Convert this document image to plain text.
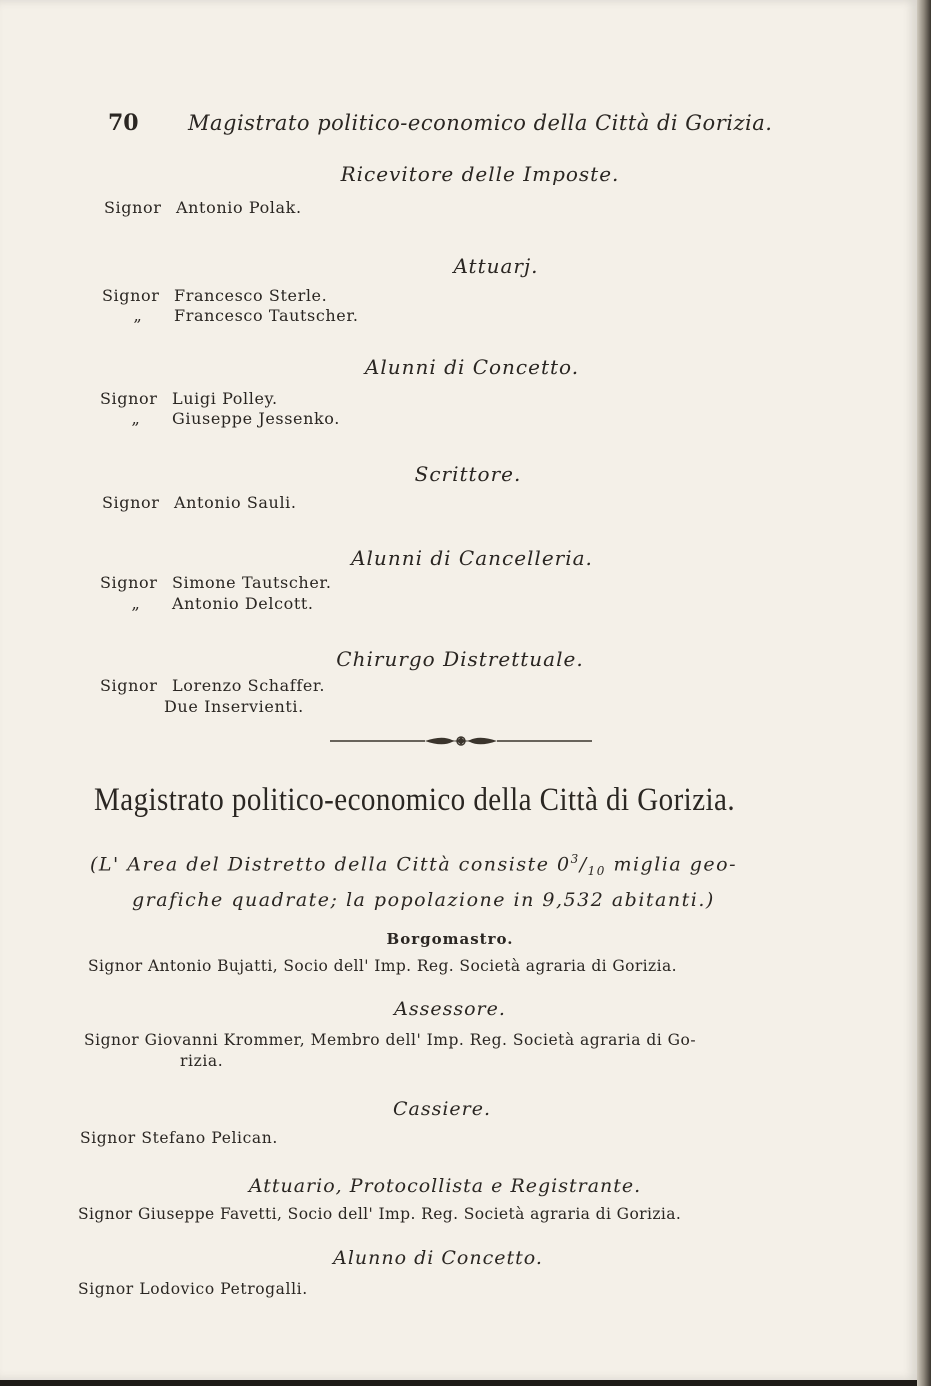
70 Magistrato politico-economico della Città di Gorizia.
Ricevitore delle Imposte.
Signor Antonio Polak.
Attuarj.
Signor Francesco Sterle.
„ Francesco Tautscher.
Alunni di Concetto.
Signor Luigi Polley.
„ Giuseppe Jessenko.
Scrittore.
Signor Antonio Sauli.
Alunni di Cancelleria.
Signor Simone Tautscher.
„ Antonio Delcott.
Chirurgo Distrettuale.
Signor Lorenzo Schaffer.
Due Inservienti.
Magistrato politico-economico della Città di Gorizia.
(L' Area del Distretto della Città consiste $0^3/_{10}$ miglia geo-
grafiche quadrate; la popolazione in 9,532 abitanti.)
Borgomastro.
Signor Antonio Bujatti, Socio dell' Imp. Reg. Società agraria di Gorizia.
Assessore.
Signor Giovanni Krommer, Membro dell' Imp. Reg. Società agraria di Go-
rizia.
Cassiere.
Signor Stefano Pelican.
Attuario, Protocollista e Registrante.
Signor Giuseppe Favetti, Socio dell' Imp. Reg. Società agraria di Gorizia.
Alunno di Concetto.
Signor Lodovico Petrogalli.
